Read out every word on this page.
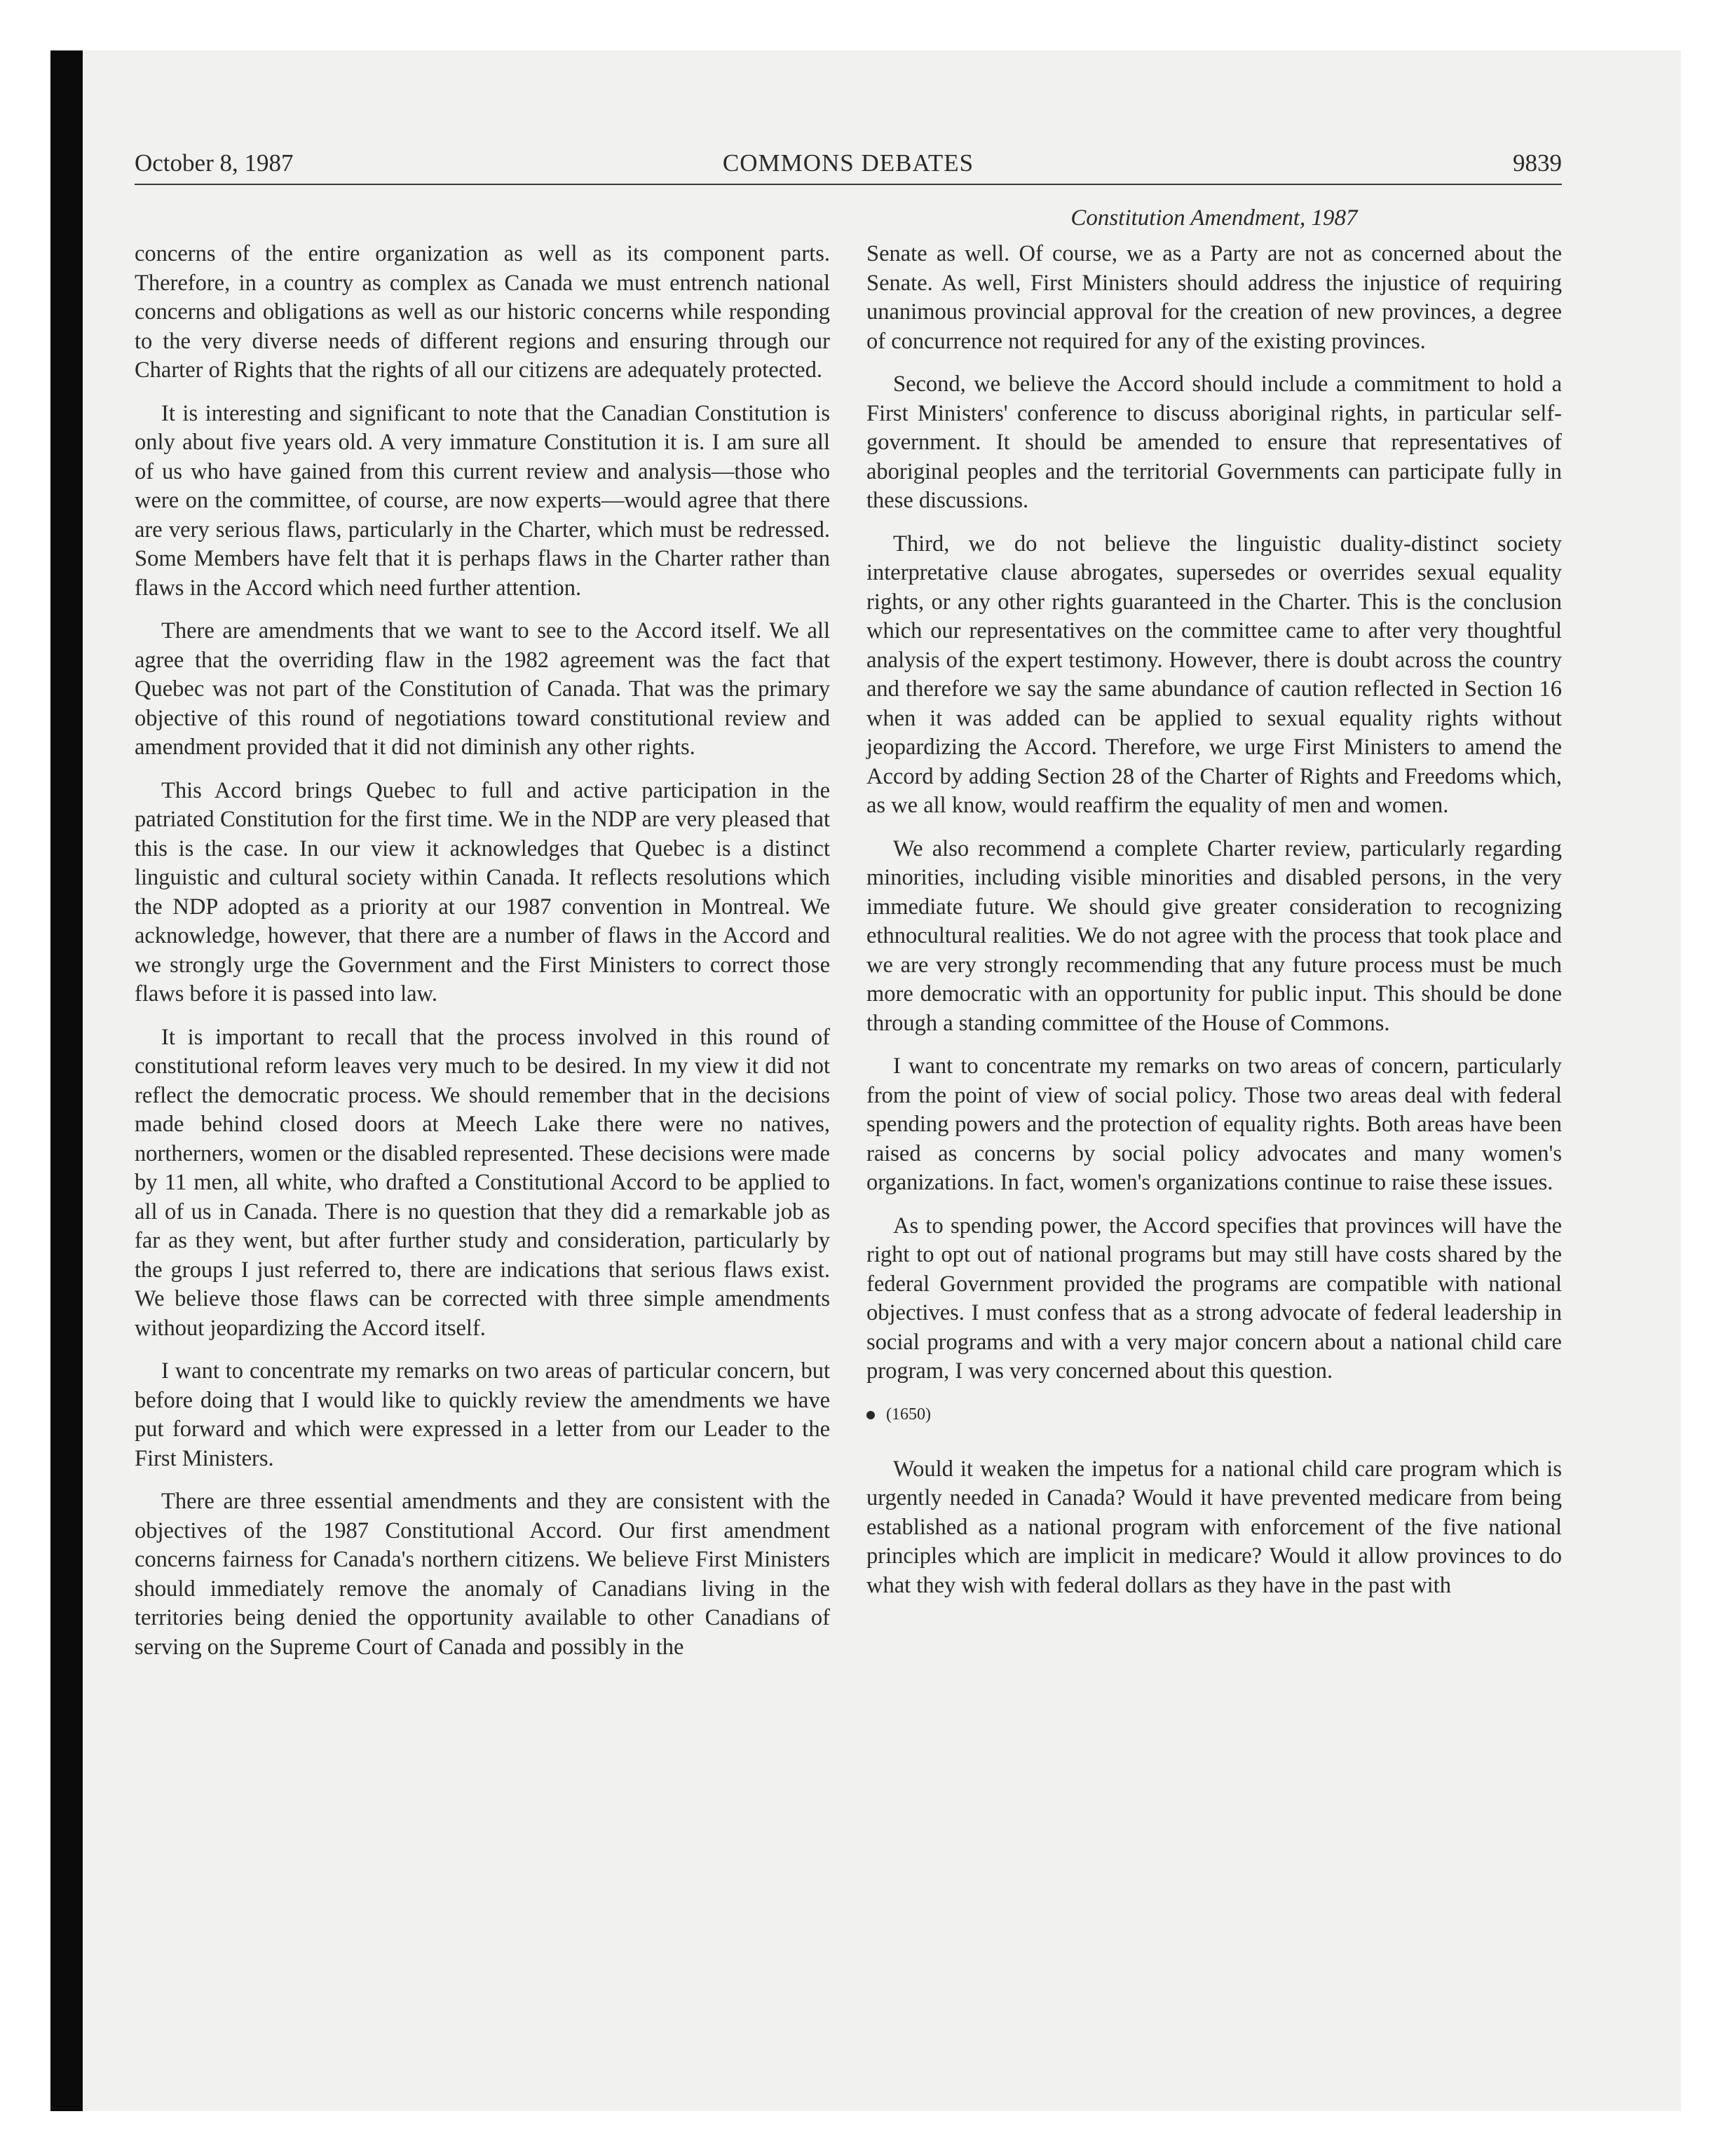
October 8, 1987	COMMONS DEBATES	9839
Constitution Amendment, 1987

concerns of the entire organization as well as its component parts. Therefore, in a country as complex as Canada we must entrench national concerns and obligations as well as our historic concerns while responding to the very diverse needs of different regions and ensuring through our Charter of Rights that the rights of all our citizens are adequately protected.

It is interesting and significant to note that the Canadian Constitution is only about five years old. A very immature Constitution it is. I am sure all of us who have gained from this current review and analysis—those who were on the committee, of course, are now experts—would agree that there are very serious flaws, particularly in the Charter, which must be redressed. Some Members have felt that it is perhaps flaws in the Charter rather than flaws in the Accord which need further attention.

There are amendments that we want to see to the Accord itself. We all agree that the overriding flaw in the 1982 agreement was the fact that Quebec was not part of the Constitution of Canada. That was the primary objective of this round of negotiations toward constitutional review and amendment provided that it did not diminish any other rights.

This Accord brings Quebec to full and active participation in the patriated Constitution for the first time. We in the NDP are very pleased that this is the case. In our view it acknowledges that Quebec is a distinct linguistic and cultural society within Canada. It reflects resolutions which the NDP adopted as a priority at our 1987 convention in Montreal. We acknowledge, however, that there are a number of flaws in the Accord and we strongly urge the Government and the First Ministers to correct those flaws before it is passed into law.

It is important to recall that the process involved in this round of constitutional reform leaves very much to be desired. In my view it did not reflect the democratic process. We should remember that in the decisions made behind closed doors at Meech Lake there were no natives, northerners, women or the disabled represented. These decisions were made by 11 men, all white, who drafted a Constitutional Accord to be applied to all of us in Canada. There is no question that they did a remarkable job as far as they went, but after further study and consideration, particularly by the groups I just referred to, there are indications that serious flaws exist. We believe those flaws can be corrected with three simple amendments without jeopardizing the Accord itself.

I want to concentrate my remarks on two areas of particular concern, but before doing that I would like to quickly review the amendments we have put forward and which were expressed in a letter from our Leader to the First Ministers.

There are three essential amendments and they are consistent with the objectives of the 1987 Constitutional Accord. Our first amendment concerns fairness for Canada's northern citizens. We believe First Ministers should immediately remove the anomaly of Canadians living in the territories being denied the opportunity available to other Canadians of serving on the Supreme Court of Canada and possibly in the

Senate as well. Of course, we as a Party are not as concerned about the Senate. As well, First Ministers should address the injustice of requiring unanimous provincial approval for the creation of new provinces, a degree of concurrence not required for any of the existing provinces.

Second, we believe the Accord should include a commitment to hold a First Ministers' conference to discuss aboriginal rights, in particular self-government. It should be amended to ensure that representatives of aboriginal peoples and the territorial Governments can participate fully in these discussions.

Third, we do not believe the linguistic duality-distinct society interpretative clause abrogates, supersedes or overrides sexual equality rights, or any other rights guaranteed in the Charter. This is the conclusion which our representatives on the committee came to after very thoughtful analysis of the expert testimony. However, there is doubt across the country and therefore we say the same abundance of caution reflected in Section 16 when it was added can be applied to sexual equality rights without jeopardizing the Accord. Therefore, we urge First Ministers to amend the Accord by adding Section 28 of the Charter of Rights and Freedoms which, as we all know, would reaffirm the equality of men and women.

We also recommend a complete Charter review, particularly regarding minorities, including visible minorities and disabled persons, in the very immediate future. We should give greater consideration to recognizing ethnocultural realities. We do not agree with the process that took place and we are very strongly recommending that any future process must be much more democratic with an opportunity for public input. This should be done through a standing committee of the House of Commons.

I want to concentrate my remarks on two areas of concern, particularly from the point of view of social policy. Those two areas deal with federal spending powers and the protection of equality rights. Both areas have been raised as concerns by social policy advocates and many women's organizations. In fact, women's organizations continue to raise these issues.

As to spending power, the Accord specifies that provinces will have the right to opt out of national programs but may still have costs shared by the federal Government provided the programs are compatible with national objectives. I must confess that as a strong advocate of federal leadership in social programs and with a very major concern about a national child care program, I was very concerned about this question.

(1650)

Would it weaken the impetus for a national child care program which is urgently needed in Canada? Would it have prevented medicare from being established as a national program with enforcement of the five national principles which are implicit in medicare? Would it allow provinces to do what they wish with federal dollars as they have in the past with
